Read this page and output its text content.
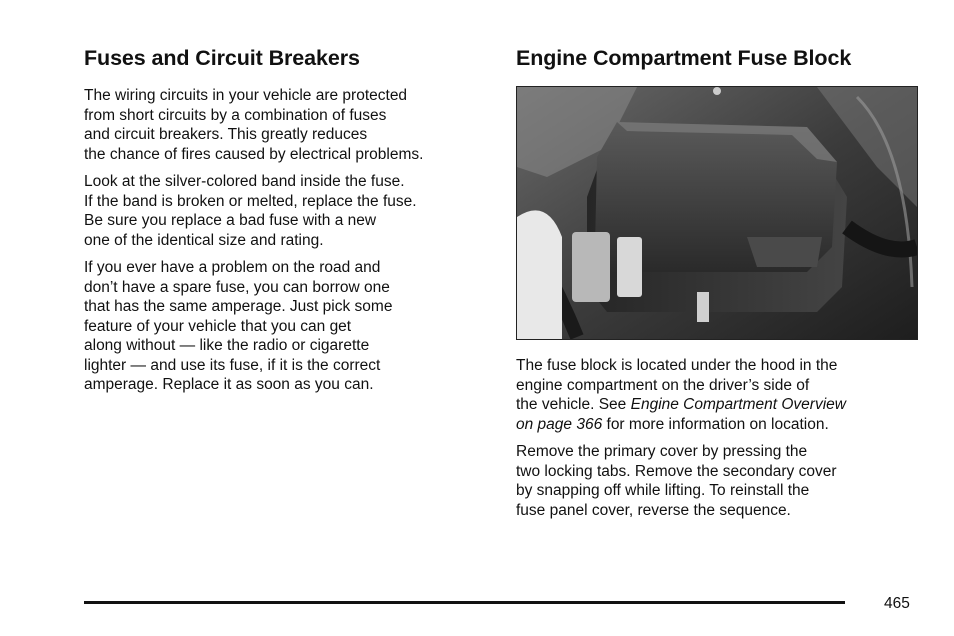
Fuses and Circuit Breakers

The wiring circuits in your vehicle are protected
from short circuits by a combination of fuses
and circuit breakers. This greatly reduces
the chance of fires caused by electrical problems.

Look at the silver-colored band inside the fuse.
If the band is broken or melted, replace the fuse.
Be sure you replace a bad fuse with a new
one of the identical size and rating.

If you ever have a problem on the road and
don’t have a spare fuse, you can borrow one
that has the same amperage. Just pick some
feature of your vehicle that you can get
along without — like the radio or cigarette
lighter — and use its fuse, if it is the correct
amperage. Replace it as soon as you can.

Engine Compartment Fuse Block

The fuse block is located under the hood in the
engine compartment on the driver’s side of
the vehicle. See Engine Compartment Overview
on page 366 for more information on location.

Remove the primary cover by pressing the
two locking tabs. Remove the secondary cover
by snapping off while lifting. To reinstall the
fuse panel cover, reverse the sequence.

465
